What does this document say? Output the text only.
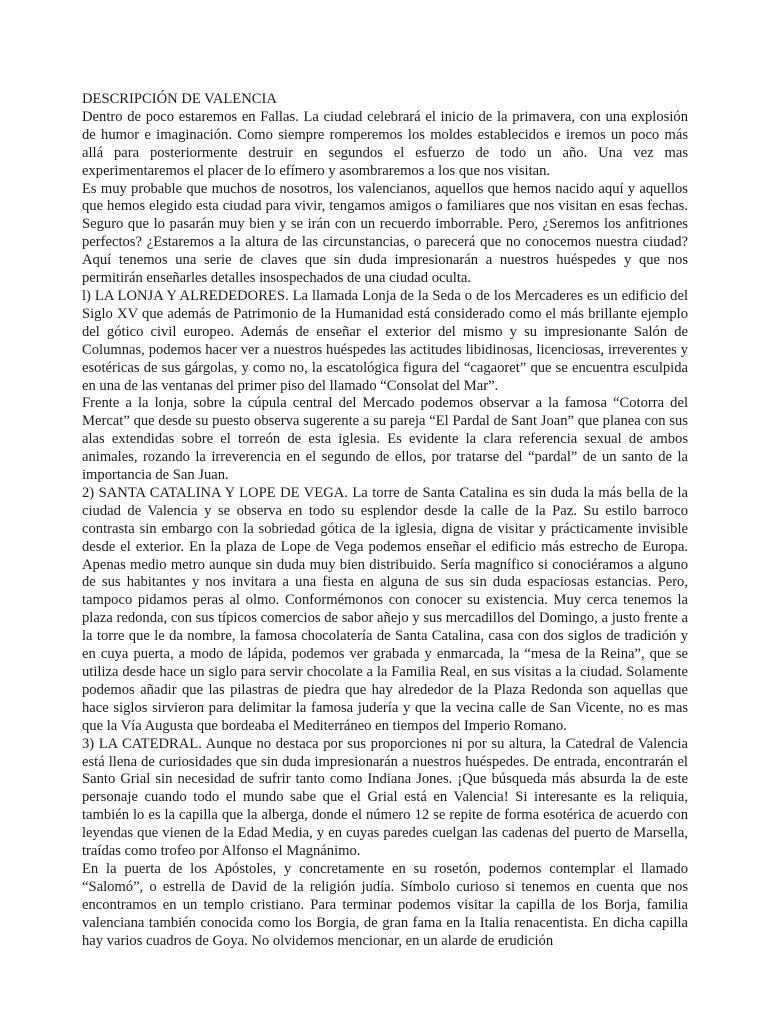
DESCRIPCIÓN DE VALENCIA

Dentro de poco estaremos en Fallas. La ciudad celebrará el inicio de la primavera, con una explosión de humor e imaginación. Como siempre romperemos los moldes establecidos e iremos un poco más allá para posteriormente destruir en segundos el esfuerzo de todo un año. Una vez mas experimentaremos el placer de lo efímero y asombraremos a los que nos visitan.

Es muy probable que muchos de nosotros, los valencianos, aquellos que hemos nacido aquí y aquellos que hemos elegido esta ciudad para vivir, tengamos amigos o familiares que nos visitan en esas fechas. Seguro que lo pasarán muy bien y se irán con un recuerdo imborrable. Pero, ¿Seremos los anfitriones perfectos? ¿Estaremos a la altura de las circunstancias, o parecerá que no conocemos nuestra ciudad? Aquí tenemos una serie de claves que sin duda impresionarán a nuestros huéspedes y que nos permitirán enseñarles detalles insospechados de una ciudad oculta.

l) LA LONJA Y ALREDEDORES. La llamada Lonja de la Seda o de los Mercaderes es un edificio del Siglo XV que además de Patrimonio de la Humanidad está considerado como el más brillante ejemplo del gótico civil europeo. Además de enseñar el exterior del mismo y su impresionante Salón de Columnas, podemos hacer ver a nuestros huéspedes las actitudes libidinosas, licenciosas, irreverentes y esotéricas de sus gárgolas, y como no, la escatológica figura del “cagaoret” que se encuentra esculpida en una de las ventanas del primer piso del llamado “Consolat del Mar”.

Frente a la lonja, sobre la cúpula central del Mercado podemos observar a la famosa “Cotorra del Mercat” que desde su puesto observa sugerente a su pareja “El Pardal de Sant Joan” que planea con sus alas extendidas sobre el torreón de esta iglesia. Es evidente la clara referencia sexual de ambos animales, rozando la irreverencia en el segundo de ellos, por tratarse del “pardal” de un santo de la importancia de San Juan.

2) SANTA CATALINA Y LOPE DE VEGA. La torre de Santa Catalina es sin duda la más bella de la ciudad de Valencia y se observa en todo su esplendor desde la calle de la Paz. Su estilo barroco contrasta sin embargo con la sobriedad gótica de la iglesia, digna de visitar y prácticamente invisible desde el exterior. En la plaza de Lope de Vega podemos enseñar el edificio más estrecho de Europa. Apenas medio metro aunque sin duda muy bien distribuido. Sería magnífico si conociéramos a alguno de sus habitantes y nos invitara a una fiesta en alguna de sus sin duda espaciosas estancias. Pero, tampoco pidamos peras al olmo. Conformémonos con conocer su existencia. Muy cerca tenemos la plaza redonda, con sus típicos comercios de sabor añejo y sus mercadillos del Domingo, a justo frente a la torre que le da nombre, la famosa chocolatería de Santa Catalina, casa con dos siglos de tradición y en cuya puerta, a modo de lápida, podemos ver grabada y enmarcada, la “mesa de la Reina”, que se utiliza desde hace un siglo para servir chocolate a la Familia Real, en sus visitas a la ciudad. Solamente podemos añadir que las pilastras de piedra que hay alrededor de la Plaza Redonda son aquellas que hace siglos sirvieron para delimitar la famosa judería y que la vecina calle de San Vicente, no es mas que la Vía Augusta que bordeaba el Mediterráneo en tiempos del Imperio Romano.

3) LA CATEDRAL. Aunque no destaca por sus proporciones ni por su altura, la Catedral de Valencia está llena de curiosidades que sin duda impresionarán a nuestros huéspedes. De entrada, encontrarán el Santo Grial sin necesidad de sufrir tanto como Indiana Jones. ¡Que búsqueda más absurda la de este personaje cuando todo el mundo sabe que el Grial está en Valencia! Si interesante es la reliquia, también lo es la capilla que la alberga, donde el número 12 se repite de forma esotérica de acuerdo con leyendas que vienen de la Edad Media, y en cuyas paredes cuelgan las cadenas del puerto de Marsella, traídas como trofeo por Alfonso el Magnánimo.

En la puerta de los Apóstoles, y concretamente en su rosetón, podemos contemplar el llamado “Salomó”, o estrella de David de la religión judía. Símbolo curioso si tenemos en cuenta que nos encontramos en un templo cristiano. Para terminar podemos visitar la capilla de los Borja, familia valenciana también conocida como los Borgia, de gran fama en la Italia renacentista. En dicha capilla hay varios cuadros de Goya. No olvidemos mencionar, en un alarde de erudición
